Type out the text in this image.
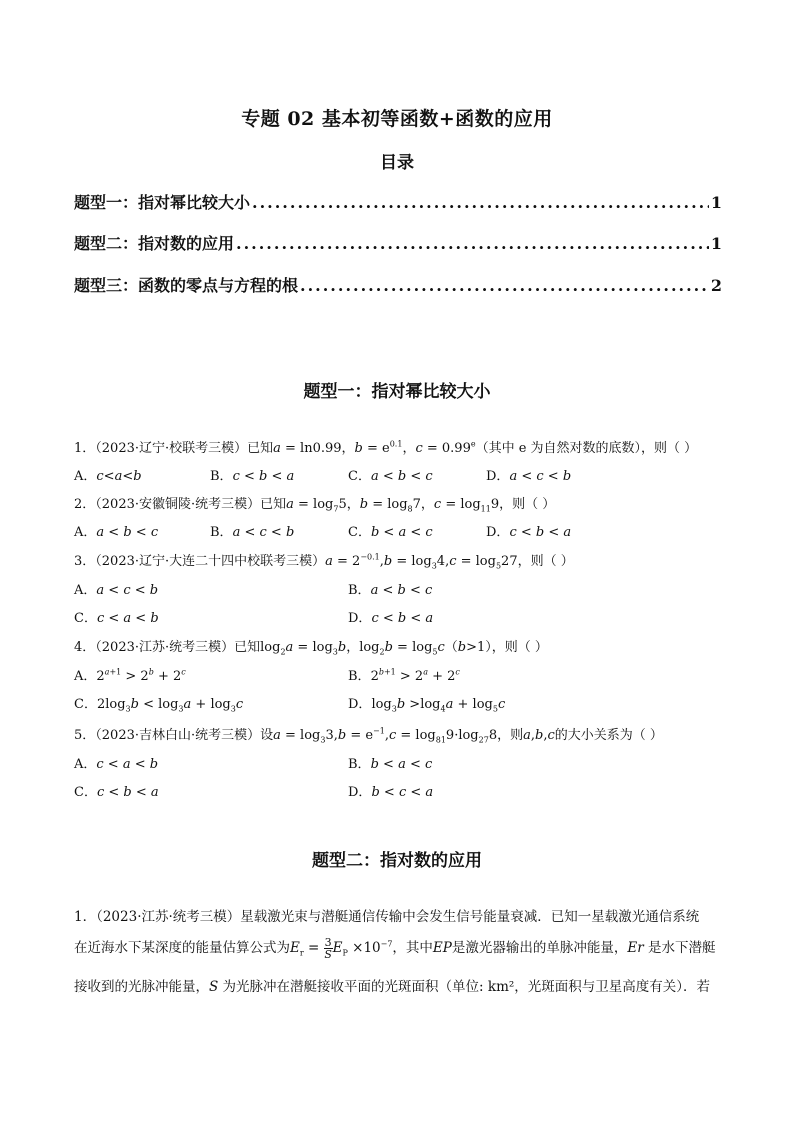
专题 02 基本初等函数+函数的应用
目录
题型一：指对幂比较大小 .....	1
题型二：指对数的应用 .....	1
题型三：函数的零点与方程的根 .....	2
题型一：指对幂比较大小
1．（2023·辽宁·校联考三模）已知a = ln0.99，$b = e^{0.1}$，c = 0.99$^e$（其中 e 为自然对数的底数），则（ ）
A．c<a<b	B．c < b < a	C．a < b < c	D．a < c < b
2．（2023·安徽铜陵·统考三模）已知$a = \log_75$，$b = \log_87$，$c = \log_{11}9$，则（ ）
A．a < b < c	B．a < c < b	C．b < a < c	D．c < b < a
3．（2023·辽宁·大连二十四中校联考三模）$a = 2^{-0.1},b = \log_34,c = \log_527$，则（ ）
A．a < c < b	B．a < b < c
C．c < a < b	D．c < b < a
4．（2023·江苏·统考三模）已知$\log_2a = \log_3b$，$\log_2b = \log_5c(b>1)$，则（ ）
A．$2^{a+1} > 2^b + 2^c$	B．$2^{b+1} > 2^a + 2^c$
C．$2\log_3b < \log_3a + \log_3c$	D．$\log_3b >\log_4a + \log_5c$
5．（2023·吉林白山·统考三模）设$a = \log_33,b = e^{-1},c = \log_{81}9\cdot\log_{27}8$，则a,b,c的大小关系为（ ）
A．c < a < b	B．b < a < c
C．c < b < a	D．b < c < a
题型二：指对数的应用
1．（2023·江苏·统考三模）星载激光束与潜艇通信传输中会发生信号能量衰减．已知一星载激光通信系统
在近海水下某深度的能量估算公式为$E_r = \frac{3}{S} E_P \times 10^{-7}$，其中EP是激光器输出的单脉冲能量，Er 是水下潜艇
接收到的光脉冲能量，S 为光脉冲在潜艇接收平面的光斑面积（单位: km²，光斑面积与卫星高度有关）．若
